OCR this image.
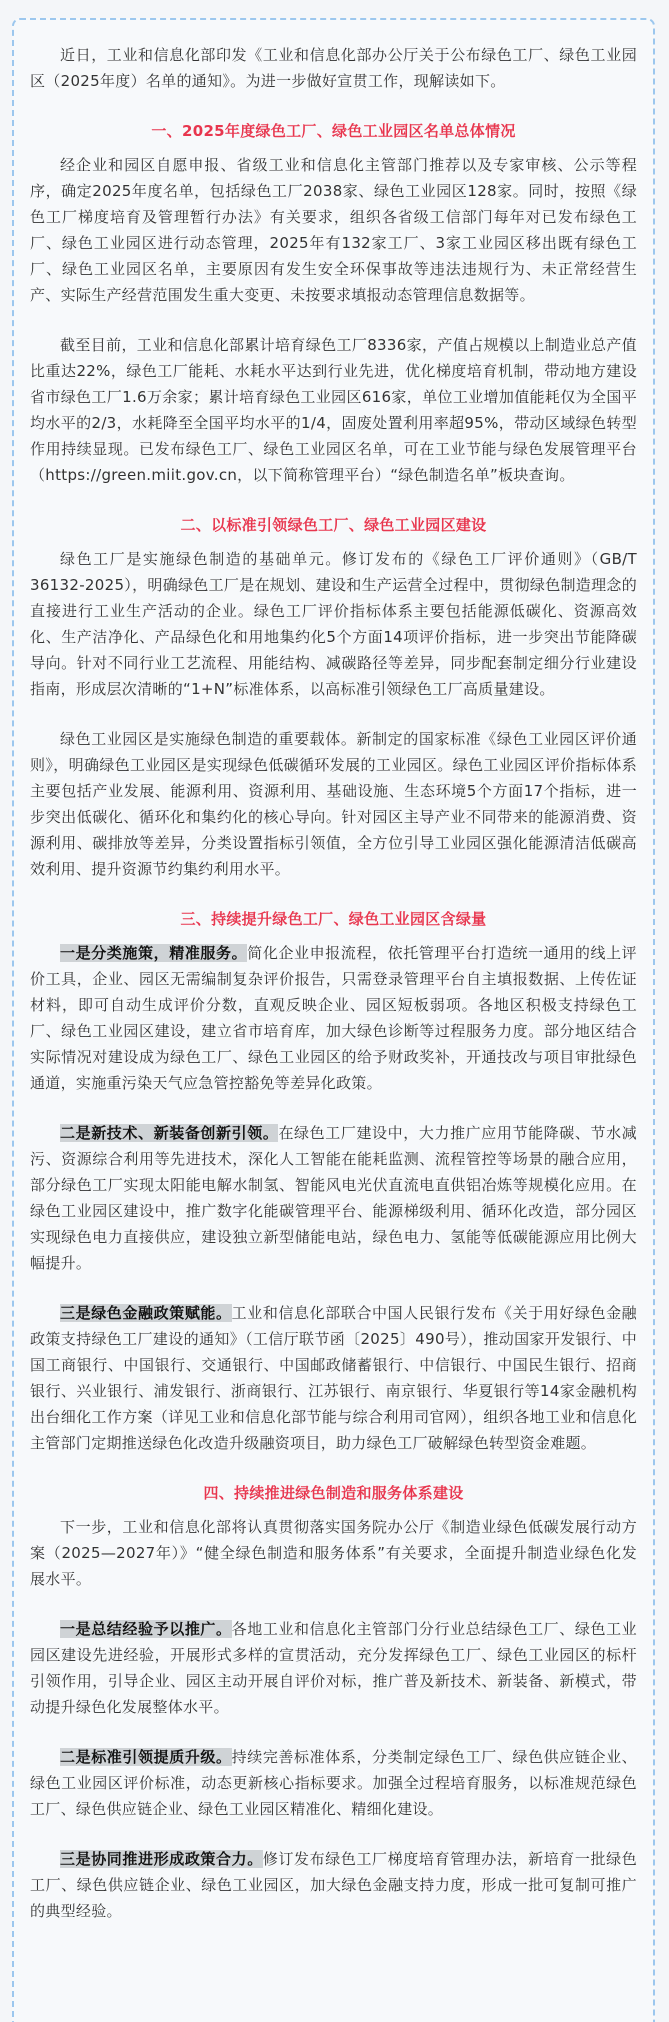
近日，工业和信息化部印发《工业和信息化部办公厅关于公布绿色工厂、绿色工业园区（2025年度）名单的通知》。为进一步做好宣贯工作，现解读如下。

一、2025年度绿色工厂、绿色工业园区名单总体情况

经企业和园区自愿申报、省级工业和信息化主管部门推荐以及专家审核、公示等程序，确定2025年度名单，包括绿色工厂2038家、绿色工业园区128家。同时，按照《绿色工厂梯度培育及管理暂行办法》有关要求，组织各省级工信部门每年对已发布绿色工厂、绿色工业园区进行动态管理，2025年有132家工厂、3家工业园区移出既有绿色工厂、绿色工业园区名单，主要原因有发生安全环保事故等违法违规行为、未正常经营生产、实际生产经营范围发生重大变更、未按要求填报动态管理信息数据等。

截至目前，工业和信息化部累计培育绿色工厂8336家，产值占规模以上制造业总产值比重达22%，绿色工厂能耗、水耗水平达到行业先进，优化梯度培育机制，带动地方建设省市绿色工厂1.6万余家；累计培育绿色工业园区616家，单位工业增加值能耗仅为全国平均水平的2/3，水耗降至全国平均水平的1/4，固废处置利用率超95%，带动区域绿色转型作用持续显现。已发布绿色工厂、绿色工业园区名单，可在工业节能与绿色发展管理平台（https://green.miit.gov.cn，以下简称管理平台）“绿色制造名单”板块查询。

二、以标准引领绿色工厂、绿色工业园区建设

绿色工厂是实施绿色制造的基础单元。修订发布的《绿色工厂评价通则》（GB/T 36132-2025），明确绿色工厂是在规划、建设和生产运营全过程中，贯彻绿色制造理念的直接进行工业生产活动的企业。绿色工厂评价指标体系主要包括能源低碳化、资源高效化、生产洁净化、产品绿色化和用地集约化5个方面14项评价指标，进一步突出节能降碳导向。针对不同行业工艺流程、用能结构、减碳路径等差异，同步配套制定细分行业建设指南，形成层次清晰的“1+N”标准体系，以高标准引领绿色工厂高质量建设。

绿色工业园区是实施绿色制造的重要载体。新制定的国家标准《绿色工业园区评价通则》，明确绿色工业园区是实现绿色低碳循环发展的工业园区。绿色工业园区评价指标体系主要包括产业发展、能源利用、资源利用、基础设施、生态环境5个方面17个指标，进一步突出低碳化、循环化和集约化的核心导向。针对园区主导产业不同带来的能源消费、资源利用、碳排放等差异，分类设置指标引领值，全方位引导工业园区强化能源清洁低碳高效利用、提升资源节约集约利用水平。

三、持续提升绿色工厂、绿色工业园区含绿量

一是分类施策，精准服务。简化企业申报流程，依托管理平台打造统一通用的线上评价工具，企业、园区无需编制复杂评价报告，只需登录管理平台自主填报数据、上传佐证材料，即可自动生成评价分数，直观反映企业、园区短板弱项。各地区积极支持绿色工厂、绿色工业园区建设，建立省市培育库，加大绿色诊断等过程服务力度。部分地区结合实际情况对建设成为绿色工厂、绿色工业园区的给予财政奖补，开通技改与项目审批绿色通道，实施重污染天气应急管控豁免等差异化政策。

二是新技术、新装备创新引领。在绿色工厂建设中，大力推广应用节能降碳、节水减污、资源综合利用等先进技术，深化人工智能在能耗监测、流程管控等场景的融合应用，部分绿色工厂实现太阳能电解水制氢、智能风电光伏直流电直供铝冶炼等规模化应用。在绿色工业园区建设中，推广数字化能碳管理平台、能源梯级利用、循环化改造，部分园区实现绿色电力直接供应，建设独立新型储能电站，绿色电力、氢能等低碳能源应用比例大幅提升。

三是绿色金融政策赋能。工业和信息化部联合中国人民银行发布《关于用好绿色金融政策支持绿色工厂建设的通知》（工信厅联节函〔2025〕490号），推动国家开发银行、中国工商银行、中国银行、交通银行、中国邮政储蓄银行、中信银行、中国民生银行、招商银行、兴业银行、浦发银行、浙商银行、江苏银行、南京银行、华夏银行等14家金融机构出台细化工作方案（详见工业和信息化部节能与综合利用司官网），组织各地工业和信息化主管部门定期推送绿色化改造升级融资项目，助力绿色工厂破解绿色转型资金难题。

四、持续推进绿色制造和服务体系建设

下一步，工业和信息化部将认真贯彻落实国务院办公厅《制造业绿色低碳发展行动方案（2025—2027年）》“健全绿色制造和服务体系”有关要求，全面提升制造业绿色化发展水平。

一是总结经验予以推广。各地工业和信息化主管部门分行业总结绿色工厂、绿色工业园区建设先进经验，开展形式多样的宣贯活动，充分发挥绿色工厂、绿色工业园区的标杆引领作用，引导企业、园区主动开展自评价对标，推广普及新技术、新装备、新模式，带动提升绿色化发展整体水平。

二是标准引领提质升级。持续完善标准体系，分类制定绿色工厂、绿色供应链企业、绿色工业园区评价标准，动态更新核心指标要求。加强全过程培育服务，以标准规范绿色工厂、绿色供应链企业、绿色工业园区精准化、精细化建设。

三是协同推进形成政策合力。修订发布绿色工厂梯度培育管理办法，新培育一批绿色工厂、绿色供应链企业、绿色工业园区，加大绿色金融支持力度，形成一批可复制可推广的典型经验。
